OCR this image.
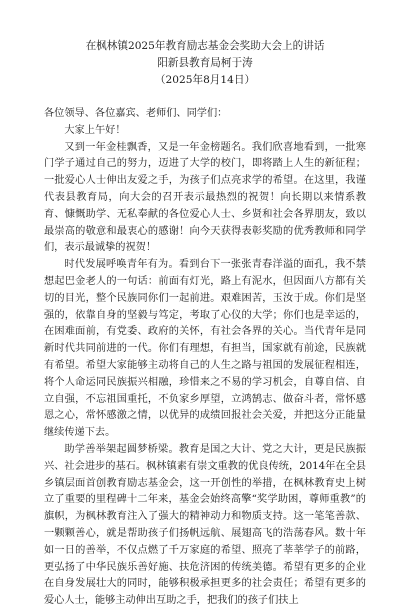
在枫林镇2025年教育励志基金会奖助大会上的讲话

阳新县教育局柯于涛

（2025年8月14日）

各位领导、各位嘉宾、老师们、同学们：

大家上午好！

又到一年金桂飘香，又是一年金榜题名。我们欣喜地看到，一批寒门学子通过自己的努力，迈进了大学的校门，即将踏上人生的新征程；一批爱心人士伸出友爱之手，为孩子们点亮求学的希望。在这里，我谨代表县教育局，向大会的召开表示最热烈的祝贺！向长期以来情系教育、慷慨助学、无私奉献的各位爱心人士、乡贤和社会各界朋友，致以最崇高的敬意和最衷心的感谢！向今天获得表彰奖励的优秀教师和同学们，表示最诚挚的祝贺！

时代发展呼唤青年有为。看到台下一张张青春洋溢的面孔，我不禁想起巴金老人的一句话：前面有灯光，路上有泥水，但因面八方都有关切的目光，整个民族同你们一起前进。艰难困苦，玉汝于成。你们是坚强的，依靠自身的坚毅与笃定，考取了心仪的大学；你们也是幸运的，在困难面前，有党委、政府的关怀，有社会各界的关心。当代青年是同新时代共同前进的一代。你们有理想，有担当，国家就有前途，民族就有希望。希望大家能够主动将自己的人生之路与祖国的发展征程相连，将个人命运同民族振兴相融，珍惜来之不易的学习机会，自尊自信、自立自强，不忘祖国重托，不负家乡厚望，立鸿鹄志、做奋斗者，常怀感恩之心，常怀感激之情，以优异的成绩回报社会关爱，并把这分正能量继续传递下去。

助学善举架起圆梦桥梁。教育是国之大计、党之大计，更是民族振兴、社会进步的基石。枫林镇素有崇文重教的优良传统，2014年在全县乡镇层面首创教育励志基金会，这一开创性的举措，在枫林教育史上树立了重要的里程碑十二年来，基金会始终高擎“奖学助困，尊师重教”的旗帜，为枫林教育注入了强大的精神动力和物质支持。这一笔笔善款、一颗颗善心，就是帮助孩子们扬帆远航、展翅高飞的浩荡春风。数十年如一日的善举，不仅点燃了千万家庭的希望、照亮了莘莘学子的前路，更弘扬了中华民族乐善好施、扶危济困的传统美德。希望有更多的企业在自身发展壮大的同时，能够积极承担更多的社会责任；希望有更多的爱心人士，能够主动伸出互助之手，把我们的孩子们扶上
